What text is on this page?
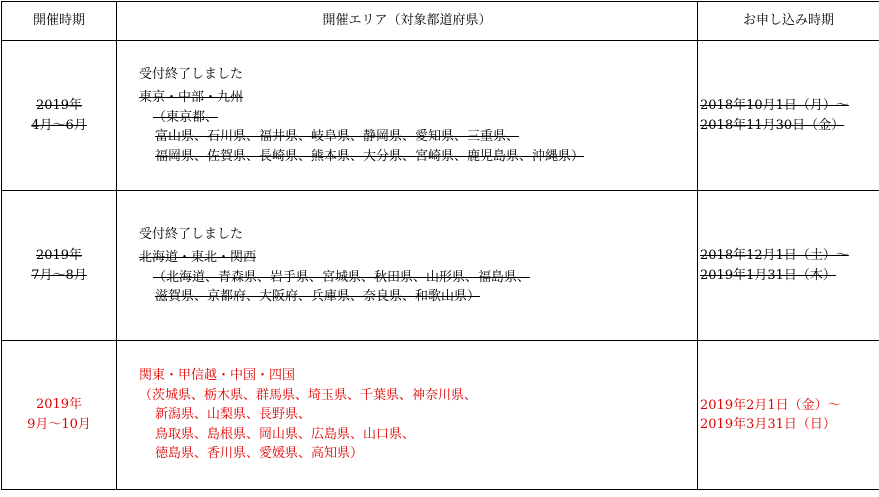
開催時期	開催エリア（対象都道府県）	お申し込み時期

2019年
4月～6月	受付終了しました
東京・中部・九州
（東京都、
富山県、石川県、福井県、岐阜県、静岡県、愛知県、三重県、
福岡県、佐賀県、長崎県、熊本県、大分県、宮崎県、鹿児島県、沖縄県）	2018年10月1日（月）～
2018年11月30日（金）

2019年
7月～8月	受付終了しました
北海道・東北・関西
（北海道、青森県、岩手県、宮城県、秋田県、山形県、福島県、
滋賀県、京都府、大阪府、兵庫県、奈良県、和歌山県）	2018年12月1日（土）～
2019年1月31日（木）

2019年
9月～10月	関東・甲信越・中国・四国
（茨城県、栃木県、群馬県、埼玉県、千葉県、神奈川県、
新潟県、山梨県、長野県、
鳥取県、島根県、岡山県、広島県、山口県、
徳島県、香川県、愛媛県、高知県）	2019年2月1日（金）～
2019年3月31日（日）
